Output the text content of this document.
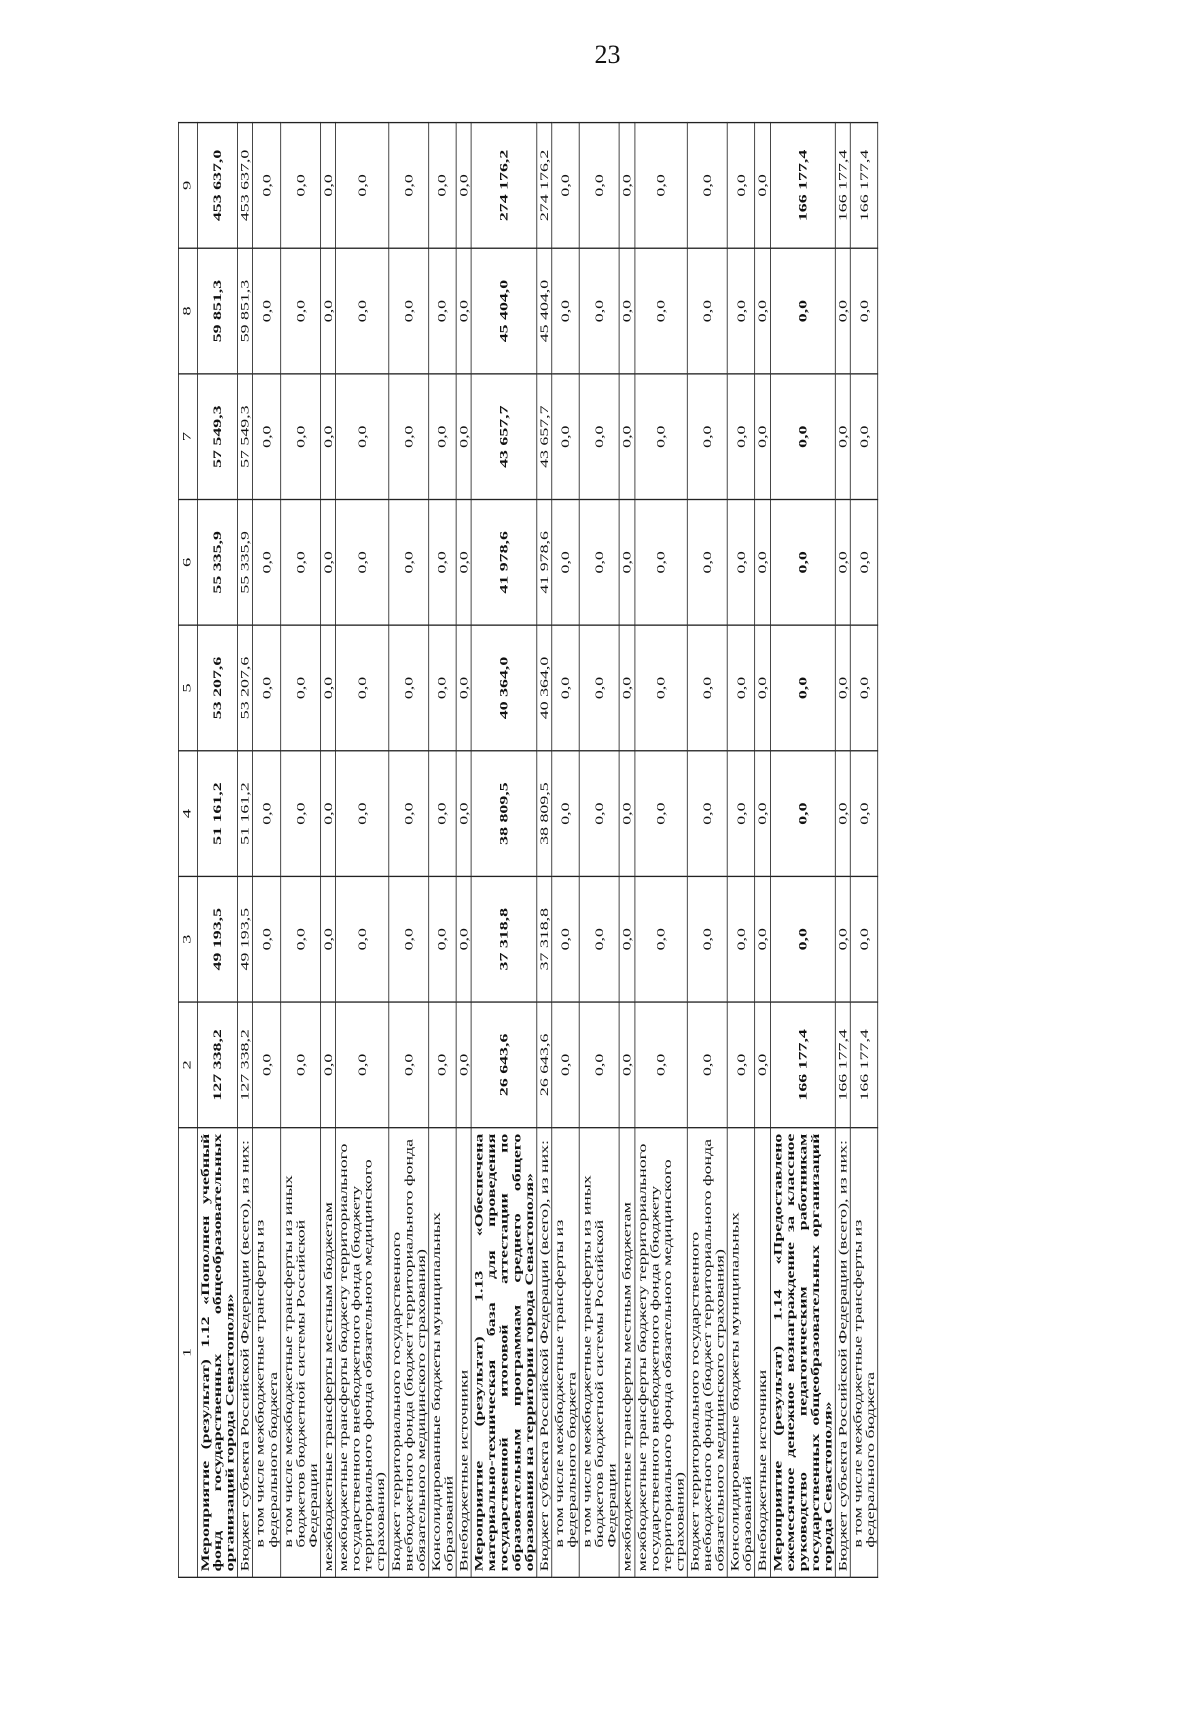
23
1	2	3	4	5	6	7	8	9
Мероприятие (результат) 1.12 «Пополнен учебный фонд государственных общеобразовательных организаций города Севастополя»	127 338,2	49 193,5	51 161,2	53 207,6	55 335,9	57 549,3	59 851,3	453 637,0
Бюджет субъекта Российской Федерации (всего), из них:	127 338,2	49 193,5	51 161,2	53 207,6	55 335,9	57 549,3	59 851,3	453 637,0
в том числе межбюджетные трансферты из федерального бюджета	0,0	0,0	0,0	0,0	0,0	0,0	0,0	0,0
в том числе межбюджетные трансферты из иных бюджетов бюджетной системы Российской Федерации	0,0	0,0	0,0	0,0	0,0	0,0	0,0	0,0
межбюджетные трансферты местным бюджетам	0,0	0,0	0,0	0,0	0,0	0,0	0,0	0,0
межбюджетные трансферты бюджету территориального государственного внебюджетного фонда (бюджету территориального фонда обязательного медицинского страхования)	0,0	0,0	0,0	0,0	0,0	0,0	0,0	0,0
Бюджет территориального государственного внебюджетного фонда (бюджет территориального фонда обязательного медицинского страхования)	0,0	0,0	0,0	0,0	0,0	0,0	0,0	0,0
Консолидированные бюджеты муниципальных образований	0,0	0,0	0,0	0,0	0,0	0,0	0,0	0,0
Внебюджетные источники	0,0	0,0	0,0	0,0	0,0	0,0	0,0	0,0
Мероприятие (результат) 1.13 «Обеспечена материально-техническая база для проведения государственной итоговой аттестации по образовательным программам среднего общего образования на территории города Севастополя»	26 643,6	37 318,8	38 809,5	40 364,0	41 978,6	43 657,7	45 404,0	274 176,2
Бюджет субъекта Российской Федерации (всего), из них:	26 643,6	37 318,8	38 809,5	40 364,0	41 978,6	43 657,7	45 404,0	274 176,2
в том числе межбюджетные трансферты из федерального бюджета	0,0	0,0	0,0	0,0	0,0	0,0	0,0	0,0
в том числе межбюджетные трансферты из иных бюджетов бюджетной системы Российской Федерации	0,0	0,0	0,0	0,0	0,0	0,0	0,0	0,0
межбюджетные трансферты местным бюджетам	0,0	0,0	0,0	0,0	0,0	0,0	0,0	0,0
межбюджетные трансферты бюджету территориального государственного внебюджетного фонда (бюджету территориального фонда обязательного медицинского страхования)	0,0	0,0	0,0	0,0	0,0	0,0	0,0	0,0
Бюджет территориального государственного внебюджетного фонда (бюджет территориального фонда обязательного медицинского страхования)	0,0	0,0	0,0	0,0	0,0	0,0	0,0	0,0
Консолидированные бюджеты муниципальных образований	0,0	0,0	0,0	0,0	0,0	0,0	0,0	0,0
Внебюджетные источники	0,0	0,0	0,0	0,0	0,0	0,0	0,0	0,0
Мероприятие (результат) 1.14 «Предоставлено ежемесячное денежное вознаграждение за классное руководство педагогическим работникам государственных общеобразовательных организаций города Севастополя»	166 177,4	0,0	0,0	0,0	0,0	0,0	0,0	166 177,4
Бюджет субъекта Российской Федерации (всего), из них:	166 177,4	0,0	0,0	0,0	0,0	0,0	0,0	166 177,4
в том числе межбюджетные трансферты из федерального бюджета	166 177,4	0,0	0,0	0,0	0,0	0,0	0,0	166 177,4
